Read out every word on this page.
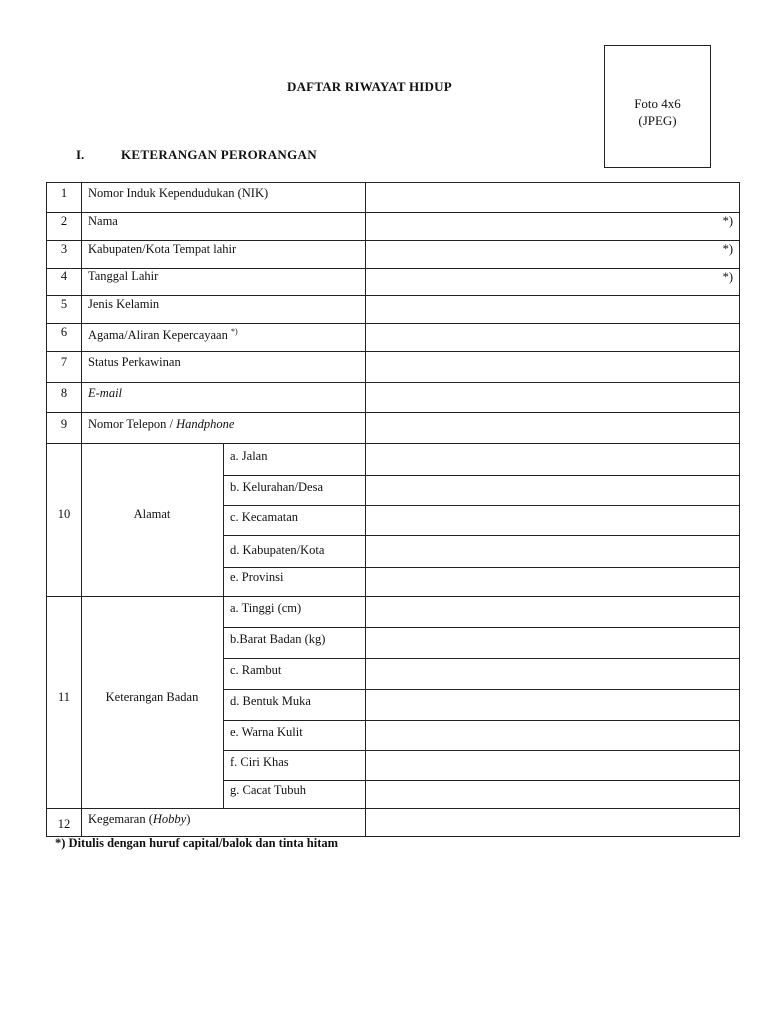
Foto 4x6
(JPEG)
DAFTAR RIWAYAT HIDUP
I.	KETERANGAN PERORANGAN
1	Nomor Induk Kependudukan (NIK)
2	Nama	*)
3	Kabupaten/Kota Tempat lahir	*)
4	Tanggal Lahir	*)
5	Jenis Kelamin
6	Agama/Aliran Kepercayaan *)
7	Status Perkawinan
8	E-mail
9	Nomor Telepon / Handphone
10	Alamat
a. Jalan
b. Kelurahan/Desa
c. Kecamatan
d. Kabupaten/Kota
e. Provinsi
11	Keterangan Badan
a. Tinggi (cm)
b.Barat Badan (kg)
c. Rambut
d. Bentuk Muka
e. Warna Kulit
f. Ciri Khas
g. Cacat Tubuh
12	Kegemaran (Hobby)
*) Ditulis dengan huruf capital/balok dan tinta hitam
